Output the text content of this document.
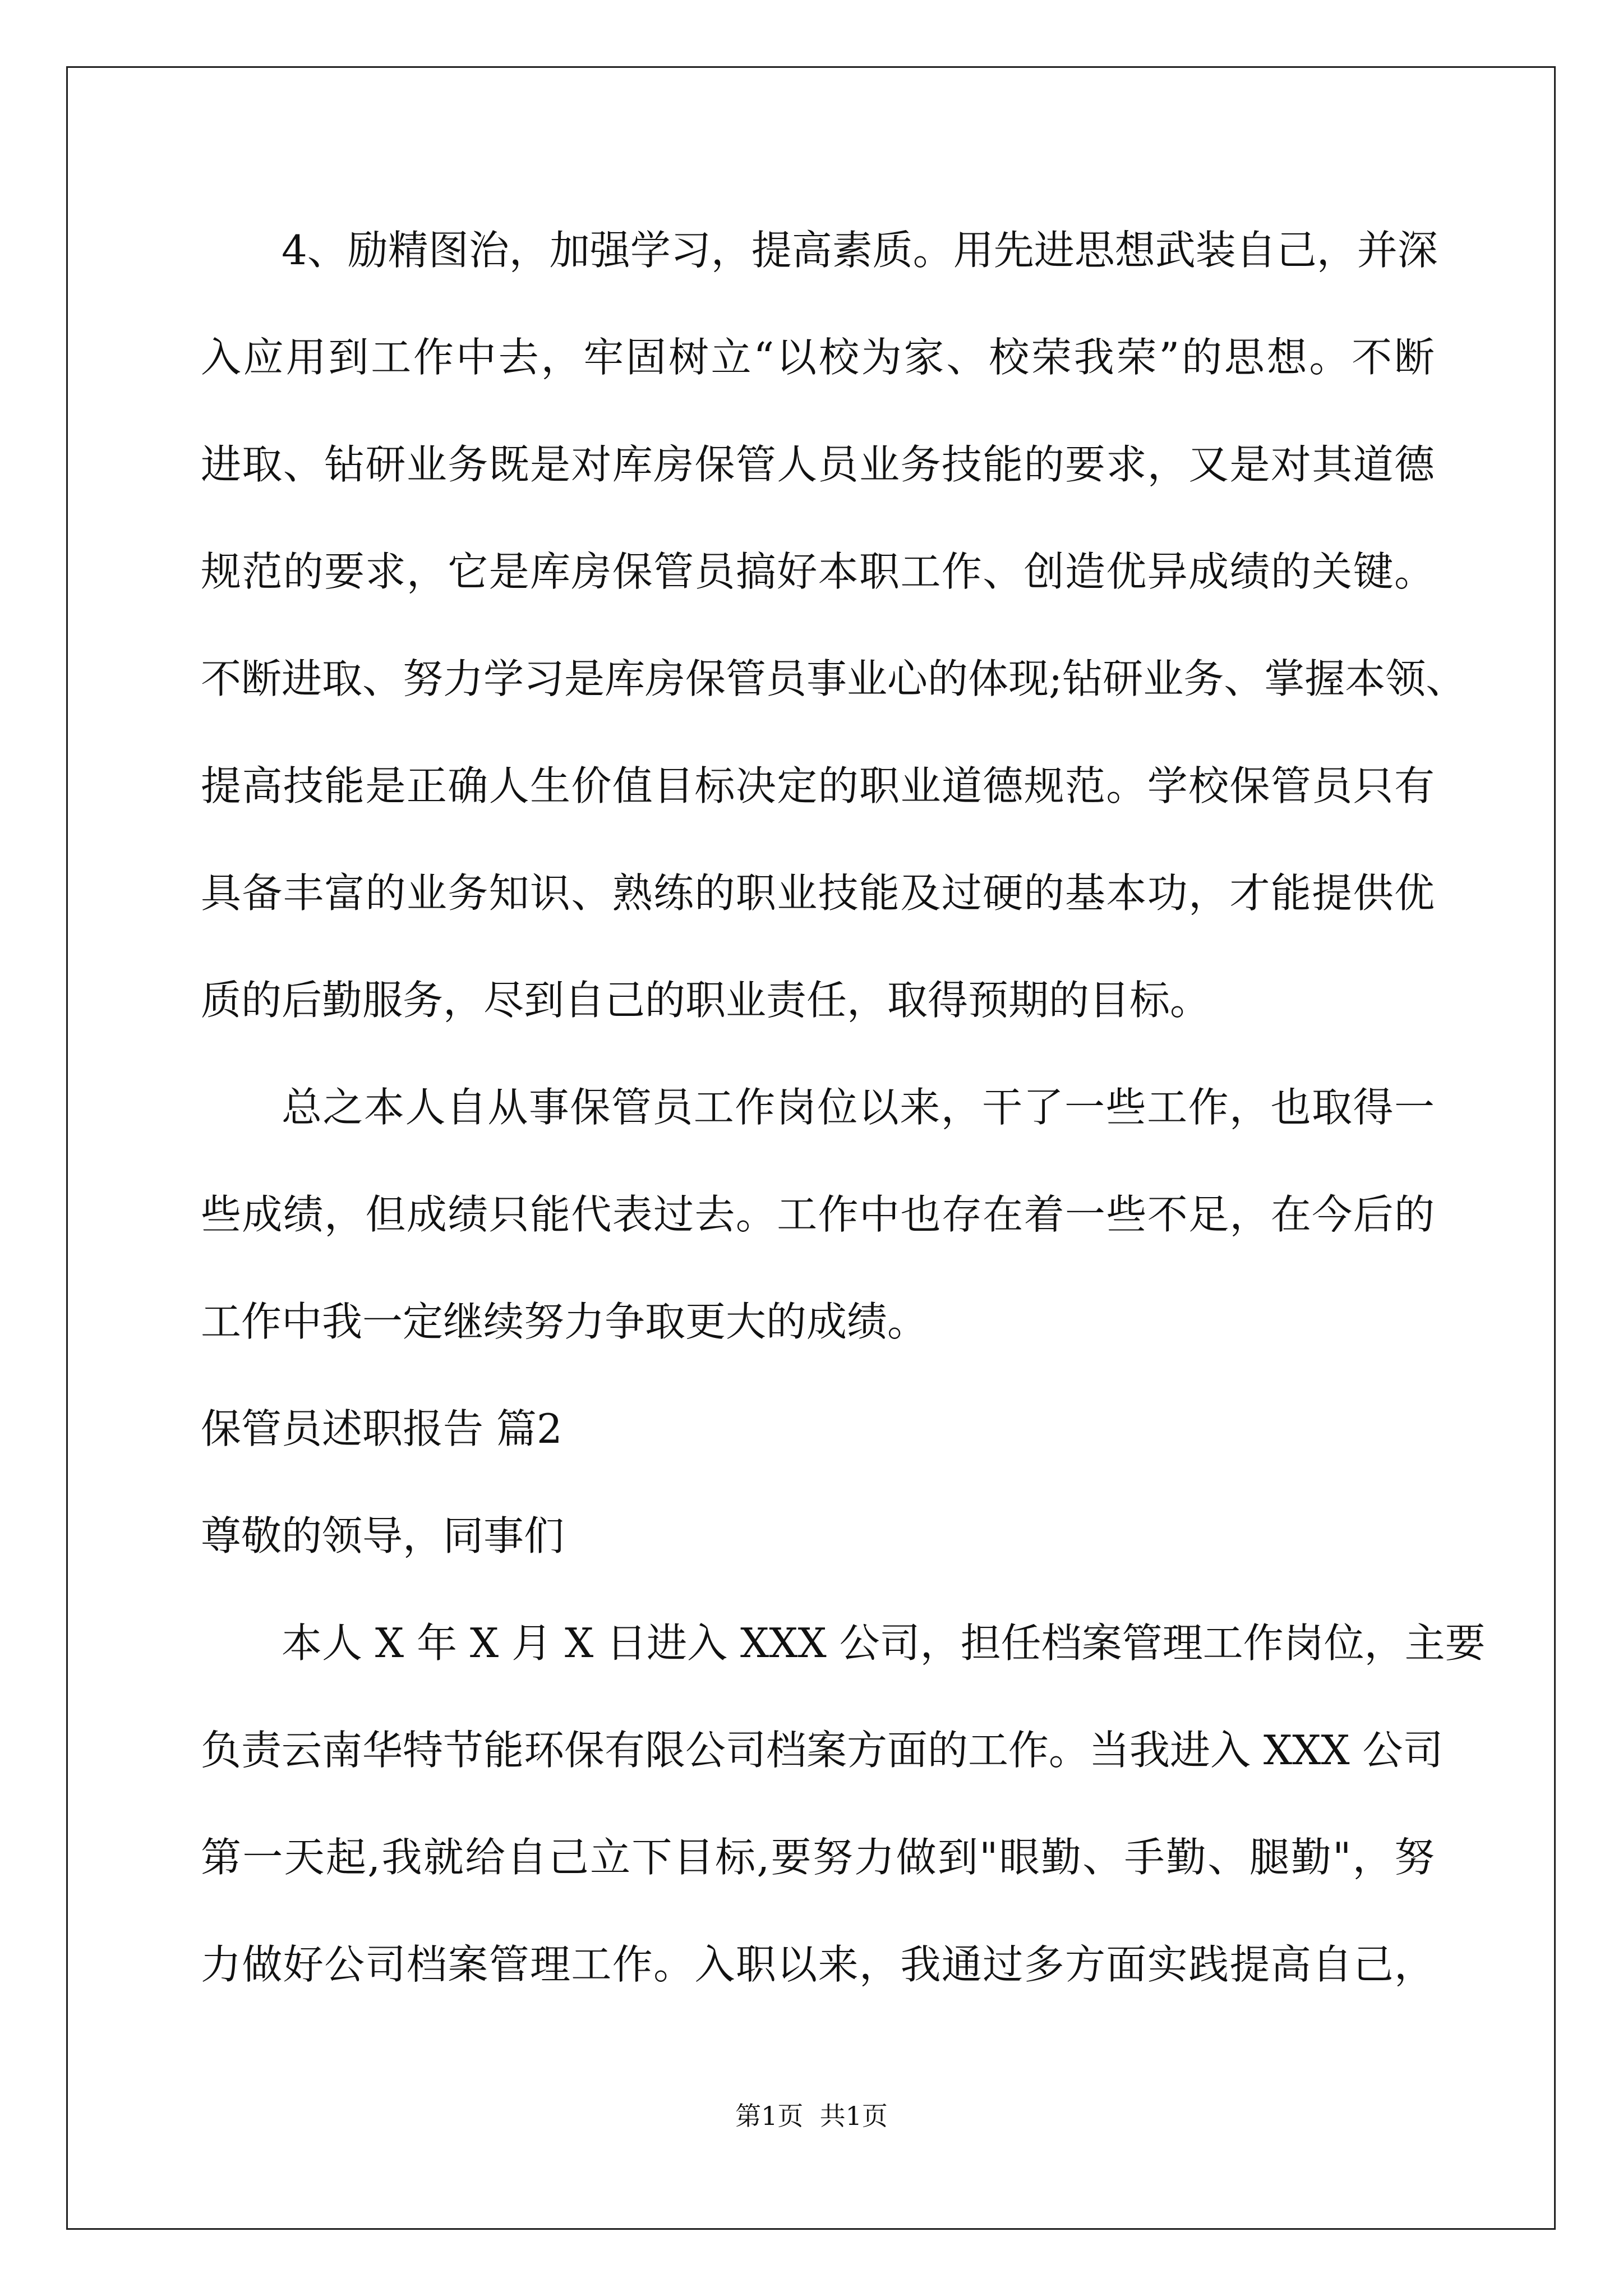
4、励精图治，加强学习，提高素质。用先进思想武装自己，并深

入应用到工作中去，牢固树立“以校为家、校荣我荣”的思想。不断

进取、钻研业务既是对库房保管人员业务技能的要求，又是对其道德

规范的要求，它是库房保管员搞好本职工作、创造优异成绩的关键。

不断进取、努力学习是库房保管员事业心的体现;钻研业务、掌握本领、

提高技能是正确人生价值目标决定的职业道德规范。学校保管员只有

具备丰富的业务知识、熟练的职业技能及过硬的基本功，才能提供优

质的后勤服务，尽到自己的职业责任，取得预期的目标。

总之本人自从事保管员工作岗位以来，干了一些工作，也取得一

些成绩，但成绩只能代表过去。工作中也存在着一些不足，在今后的

工作中我一定继续努力争取更大的成绩。

保管员述职报告 篇2

尊敬的领导，同事们

本人 X 年 X 月 X 日进入 XXX 公司，担任档案管理工作岗位，主要

负责云南华特节能环保有限公司档案方面的工作。当我进入 XXX 公司

第一天起,我就给自己立下目标,要努力做到"眼勤、手勤、腿勤"，努

力做好公司档案管理工作。入职以来，我通过多方面实践提高自己，

第1页  共1页
